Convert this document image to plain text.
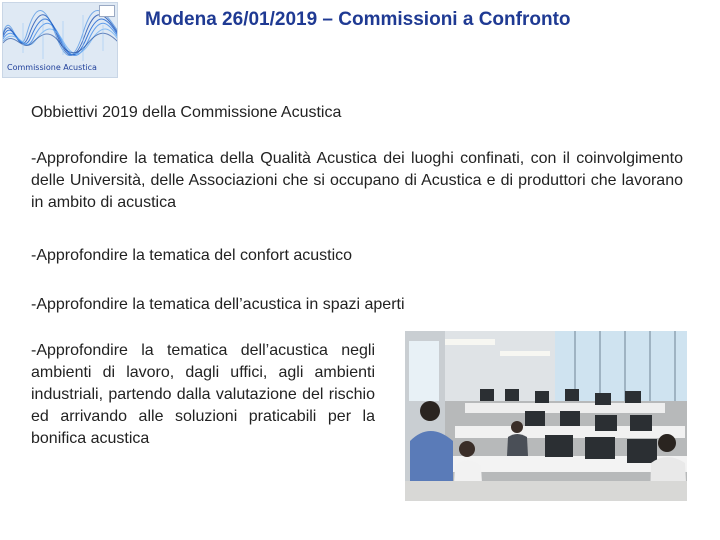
Commissione Acustica
Modena 26/01/2019 – Commissioni a Confronto
Obbiettivi 2019 della Commissione Acustica
-Approfondire la tematica della Qualità Acustica dei luoghi confinati, con il coinvolgimento delle Università, delle Associazioni che si occupano di Acustica e di produttori che lavorano in ambito di acustica
-Approfondire la tematica del confort acustico
-Approfondire la tematica dell’acustica in spazi aperti
-Approfondire la tematica dell’acustica negli ambienti di lavoro, dagli uffici, agli ambienti industriali, partendo dalla valutazione del rischio ed arrivando alle soluzioni praticabili per la bonifica acustica
